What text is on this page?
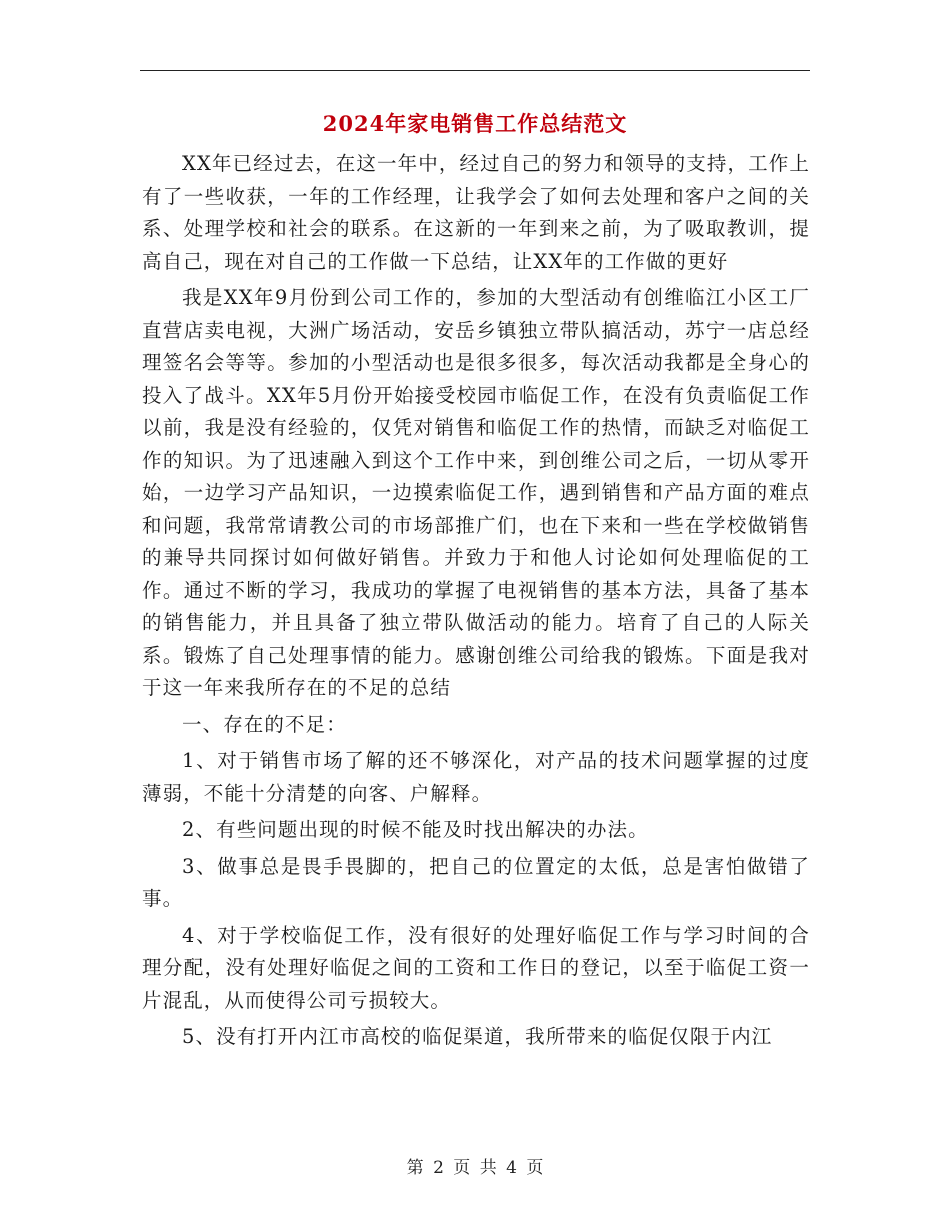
2024年家电销售工作总结范文

XX年已经过去，在这一年中，经过自己的努力和领导的支持，工作上有了一些收获，一年的工作经理，让我学会了如何去处理和客户之间的关系、处理学校和社会的联系。在这新的一年到来之前，为了吸取教训，提高自己，现在对自己的工作做一下总结，让XX年的工作做的更好

我是XX年9月份到公司工作的，参加的大型活动有创维临江小区工厂直营店卖电视，大洲广场活动，安岳乡镇独立带队搞活动，苏宁一店总经理签名会等等。参加的小型活动也是很多很多，每次活动我都是全身心的投入了战斗。XX年5月份开始接受校园市临促工作，在没有负责临促工作以前，我是没有经验的，仅凭对销售和临促工作的热情，而缺乏对临促工作的知识。为了迅速融入到这个工作中来，到创维公司之后，一切从零开始，一边学习产品知识，一边摸索临促工作，遇到销售和产品方面的难点和问题，我常常请教公司的市场部推广们，也在下来和一些在学校做销售的兼导共同探讨如何做好销售。并致力于和他人讨论如何处理临促的工作。通过不断的学习，我成功的掌握了电视销售的基本方法，具备了基本的销售能力，并且具备了独立带队做活动的能力。培育了自己的人际关系。锻炼了自己处理事情的能力。感谢创维公司给我的锻炼。下面是我对于这一年来我所存在的不足的总结

一、存在的不足：

1、对于销售市场了解的还不够深化，对产品的技术问题掌握的过度薄弱，不能十分清楚的向客、户解释。

2、有些问题出现的时候不能及时找出解决的办法。

3、做事总是畏手畏脚的，把自己的位置定的太低，总是害怕做错了事。

4、对于学校临促工作，没有很好的处理好临促工作与学习时间的合理分配，没有处理好临促之间的工资和工作日的登记，以至于临促工资一片混乱，从而使得公司亏损较大。

5、没有打开内江市高校的临促渠道，我所带来的临促仅限于内江

第 2 页 共 4 页
